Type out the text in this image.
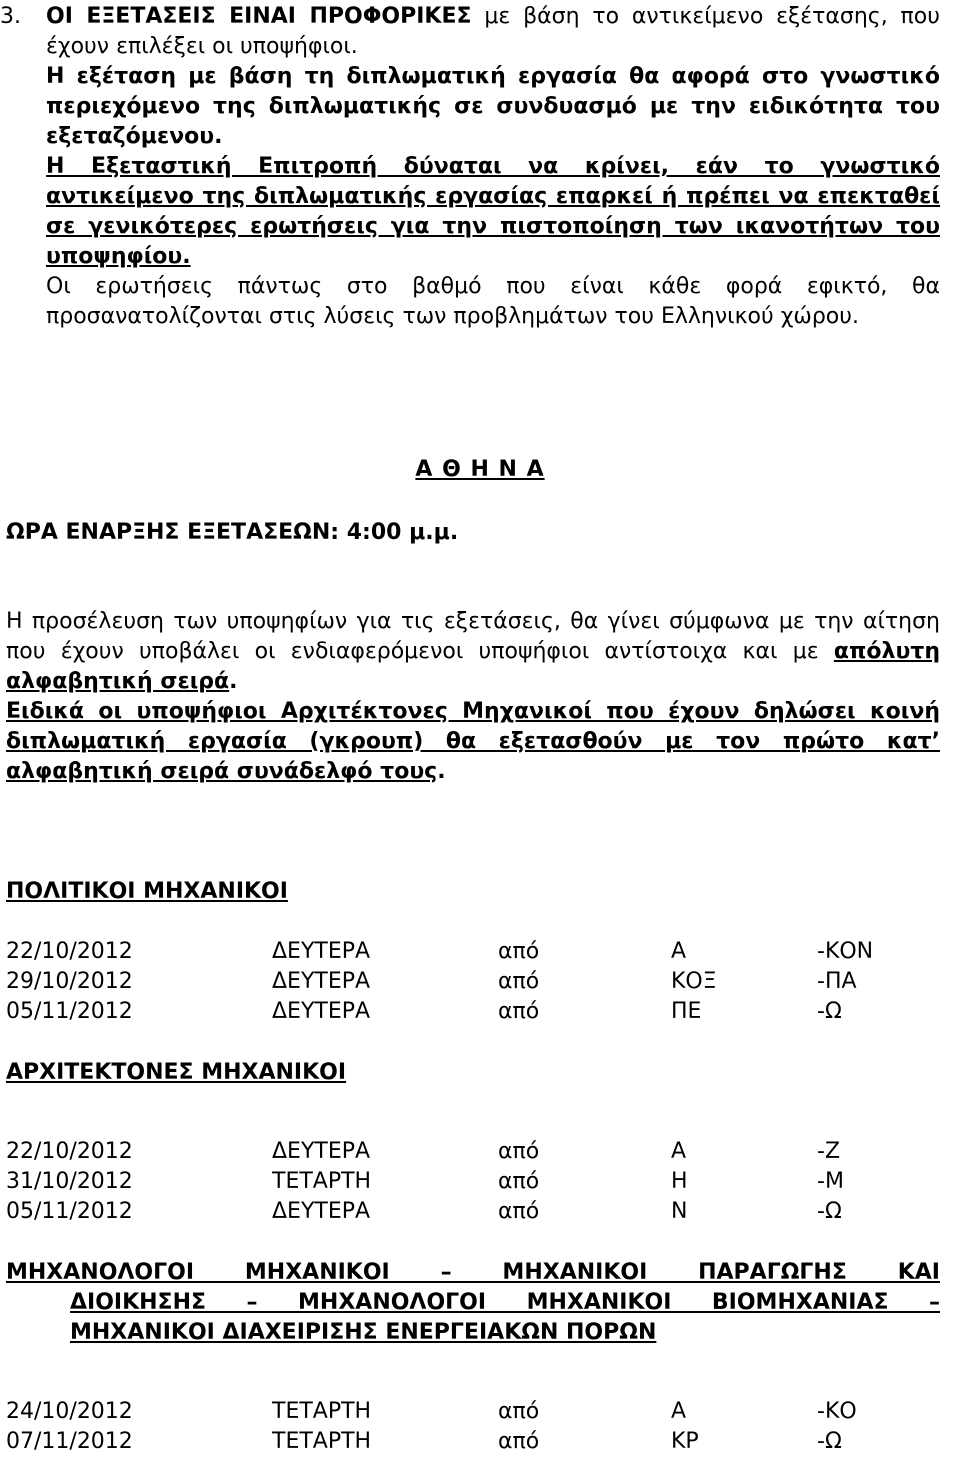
3.	ΟΙ ΕΞΕΤΑΣΕΙΣ ΕΙΝΑΙ ΠΡΟΦΟΡΙΚΕΣ με βάση το αντικείμενο εξέτασης, που έχουν επιλέξει οι υποψήφιοι.

Η εξέταση με βάση τη διπλωματική εργασία θα αφορά στο γνωστικό περιεχόμενο της διπλωματικής σε συνδυασμό με την ειδικότητα του εξεταζόμενου.

Η Εξεταστική Επιτροπή δύναται να κρίνει, εάν το γνωστικό αντικείμενο της διπλωματικής εργασίας επαρκεί ή πρέπει να επεκταθεί σε γενικότερες ερωτήσεις για την πιστοποίηση των ικανοτήτων του υποψηφίου.

Οι ερωτήσεις πάντως στο βαθμό που είναι κάθε φορά εφικτό, θα προσανατολίζονται στις λύσεις των προβλημάτων του Ελληνικού χώρου.

Α Θ Η Ν Α
ΩΡΑ ΕΝΑΡΞΗΣ ΕΞΕΤΑΣΕΩΝ: 4:00 μ.μ.

Η προσέλευση των υποψηφίων για τις εξετάσεις, θα γίνει σύμφωνα με την αίτηση που έχουν υποβάλει οι ενδιαφερόμενοι υποψήφιοι αντίστοιχα και με απόλυτη αλφαβητική σειρά.

Ειδικά οι υποψήφιοι Αρχιτέκτονες Μηχανικοί που έχουν δηλώσει κοινή διπλωματική εργασία (γκρουπ) θα εξετασθούν με τον πρώτο κατ’ αλφαβητική σειρά συνάδελφό τους.

ΠΟΛΙΤΙΚΟΙ ΜΗΧΑΝΙΚΟΙ
22/10/2012	ΔΕΥΤΕΡΑ	από	Α	-ΚΟΝ
29/10/2012	ΔΕΥΤΕΡΑ	από	ΚΟΞ	-ΠΑ
05/11/2012	ΔΕΥΤΕΡΑ	από	ΠΕ	-Ω
ΑΡΧΙΤΕΚΤΟΝΕΣ ΜΗΧΑΝΙΚΟΙ
22/10/2012	ΔΕΥΤΕΡΑ	από	Α	-Ζ
31/10/2012	ΤΕΤΑΡΤΗ	από	Η	-Μ
05/11/2012	ΔΕΥΤΕΡΑ	από	Ν	-Ω

ΜΗΧΑΝΟΛΟΓΟΙ ΜΗΧΑΝΙΚΟΙ – ΜΗΧΑΝΙΚΟΙ ΠΑΡΑΓΩΓΗΣ ΚΑΙ

ΔΙΟΙΚΗΣΗΣ – ΜΗΧΑΝΟΛΟΓΟΙ ΜΗΧΑΝΙΚΟΙ ΒΙΟΜΗΧΑΝΙΑΣ –

ΜΗΧΑΝΙΚΟΙ ΔΙΑΧΕΙΡΙΣΗΣ ΕΝΕΡΓΕΙΑΚΩΝ ΠΟΡΩΝ

24/10/2012	ΤΕΤΑΡΤΗ	από	Α	-ΚΟ
07/11/2012	ΤΕΤΑΡΤΗ	από	ΚΡ	-Ω
